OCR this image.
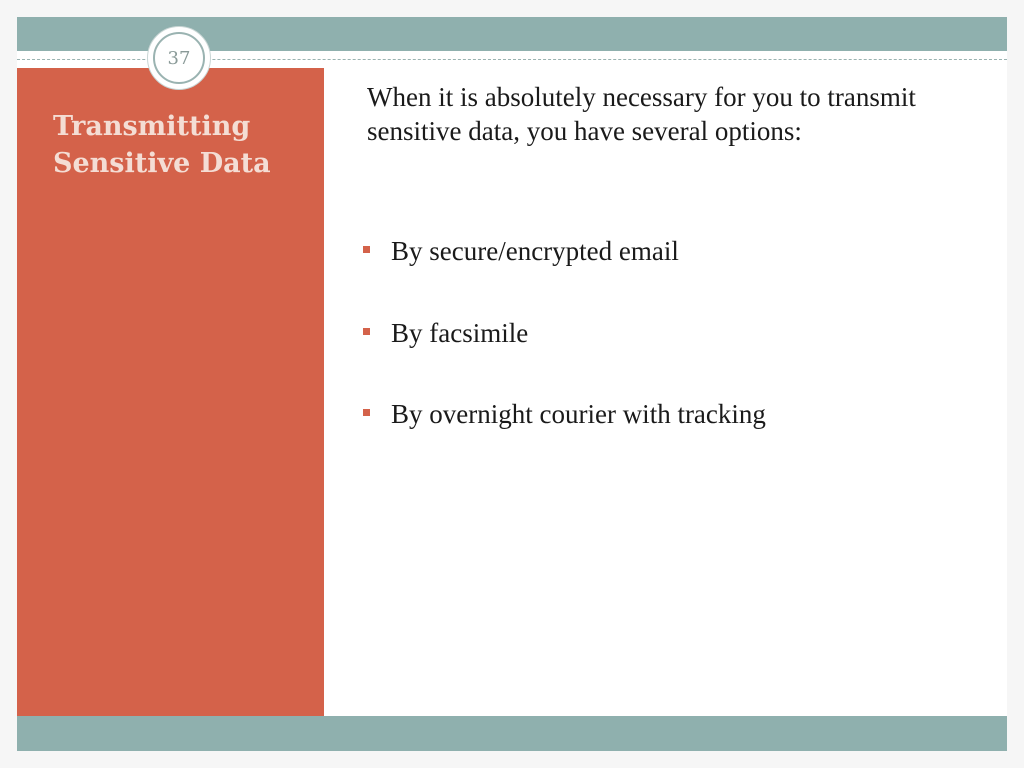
37
Transmitting
Sensitive Data

When it is absolutely necessary for you to transmit sensitive data, you have several options:

By secure/encrypted email
By facsimile
By overnight courier with tracking
